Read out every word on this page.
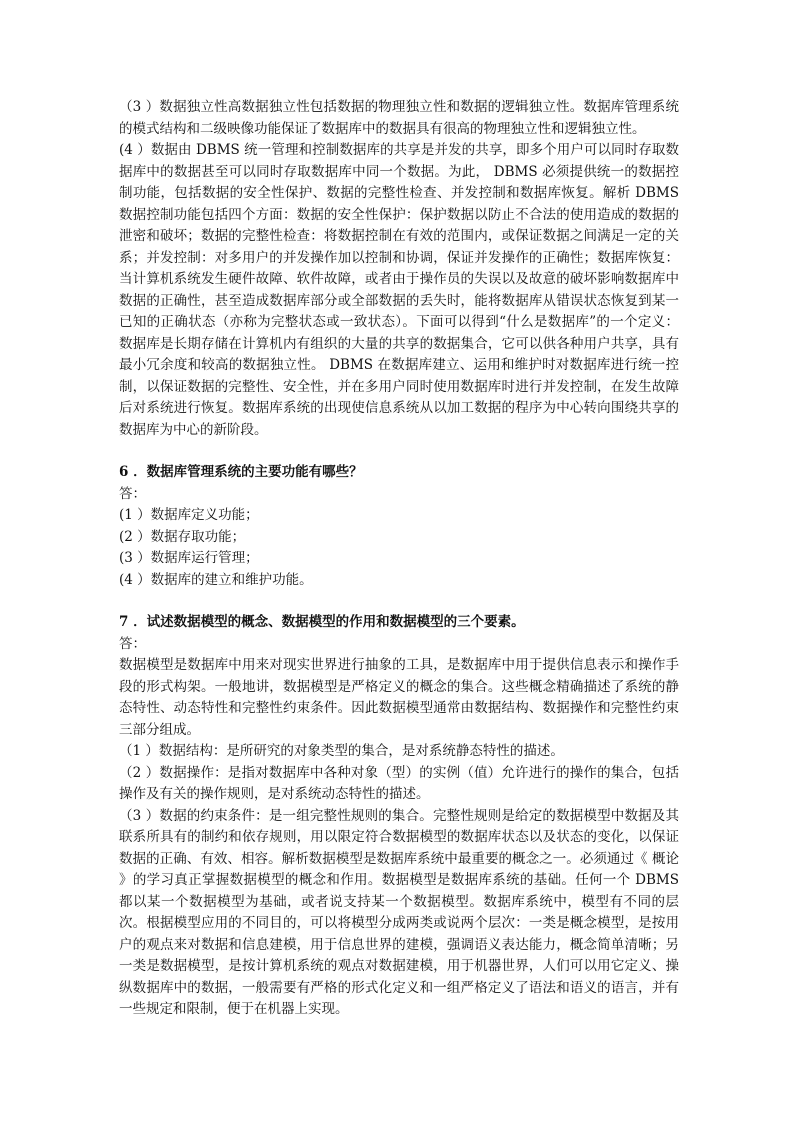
（3 ）数据独立性高数据独立性包括数据的物理独立性和数据的逻辑独立性。数据库管理系统的模式结构和二级映像功能保证了数据库中的数据具有很高的物理独立性和逻辑独立性。

(4 ）数据由 DBMS 统一管理和控制数据库的共享是并发的共享，即多个用户可以同时存取数据库中的数据甚至可以同时存取数据库中同一个数据。为此， DBMS 必须提供统一的数据控制功能，包括数据的安全性保护、数据的完整性检查、并发控制和数据库恢复。解析 DBMS 数据控制功能包括四个方面：数据的安全性保护：保护数据以防止不合法的使用造成的数据的泄密和破坏；数据的完整性检查：将数据控制在有效的范围内，或保证数据之间满足一定的关系；并发控制：对多用户的并发操作加以控制和协调，保证并发操作的正确性；数据库恢复：当计算机系统发生硬件故障、软件故障，或者由于操作员的失误以及故意的破坏影响数据库中数据的正确性，甚至造成数据库部分或全部数据的丢失时，能将数据库从错误状态恢复到某一已知的正确状态（亦称为完整状态或一致状态）。下面可以得到“什么是数据库”的一个定义：数据库是长期存储在计算机内有组织的大量的共享的数据集合，它可以供各种用户共享，具有最小冗余度和较高的数据独立性。 DBMS 在数据库建立、运用和维护时对数据库进行统一控制，以保证数据的完整性、安全性，并在多用户同时使用数据库时进行并发控制，在发生故障后对系统进行恢复。数据库系统的出现使信息系统从以加工数据的程序为中心转向围绕共享的数据库为中心的新阶段。

6 ．数据库管理系统的主要功能有哪些？

答：

(1 ）数据库定义功能；

(2 ）数据存取功能；

(3 ）数据库运行管理；

(4 ）数据库的建立和维护功能。

7 ．试述数据模型的概念、数据模型的作用和数据模型的三个要素。

答：

数据模型是数据库中用来对现实世界进行抽象的工具，是数据库中用于提供信息表示和操作手段的形式构架。一般地讲，数据模型是严格定义的概念的集合。这些概念精确描述了系统的静态特性、动态特性和完整性约束条件。因此数据模型通常由数据结构、数据操作和完整性约束三部分组成。

（1 ）数据结构：是所研究的对象类型的集合，是对系统静态特性的描述。

（2 ）数据操作：是指对数据库中各种对象（型）的实例（值）允许进行的操作的集合，包括操作及有关的操作规则，是对系统动态特性的描述。

（3 ）数据的约束条件：是一组完整性规则的集合。完整性规则是给定的数据模型中数据及其联系所具有的制约和依存规则，用以限定符合数据模型的数据库状态以及状态的变化，以保证数据的正确、有效、相容。解析数据模型是数据库系统中最重要的概念之一。必须通过《 概论 》的学习真正掌握数据模型的概念和作用。数据模型是数据库系统的基础。任何一个 DBMS 都以某一个数据模型为基础，或者说支持某一个数据模型。数据库系统中，模型有不同的层次。根据模型应用的不同目的，可以将模型分成两类或说两个层次：一类是概念模型，是按用户的观点来对数据和信息建模，用于信息世界的建模，强调语义表达能力，概念简单清晰；另一类是数据模型，是按计算机系统的观点对数据建模，用于机器世界，人们可以用它定义、操纵数据库中的数据，一般需要有严格的形式化定义和一组严格定义了语法和语义的语言，并有一些规定和限制，便于在机器上实现。
